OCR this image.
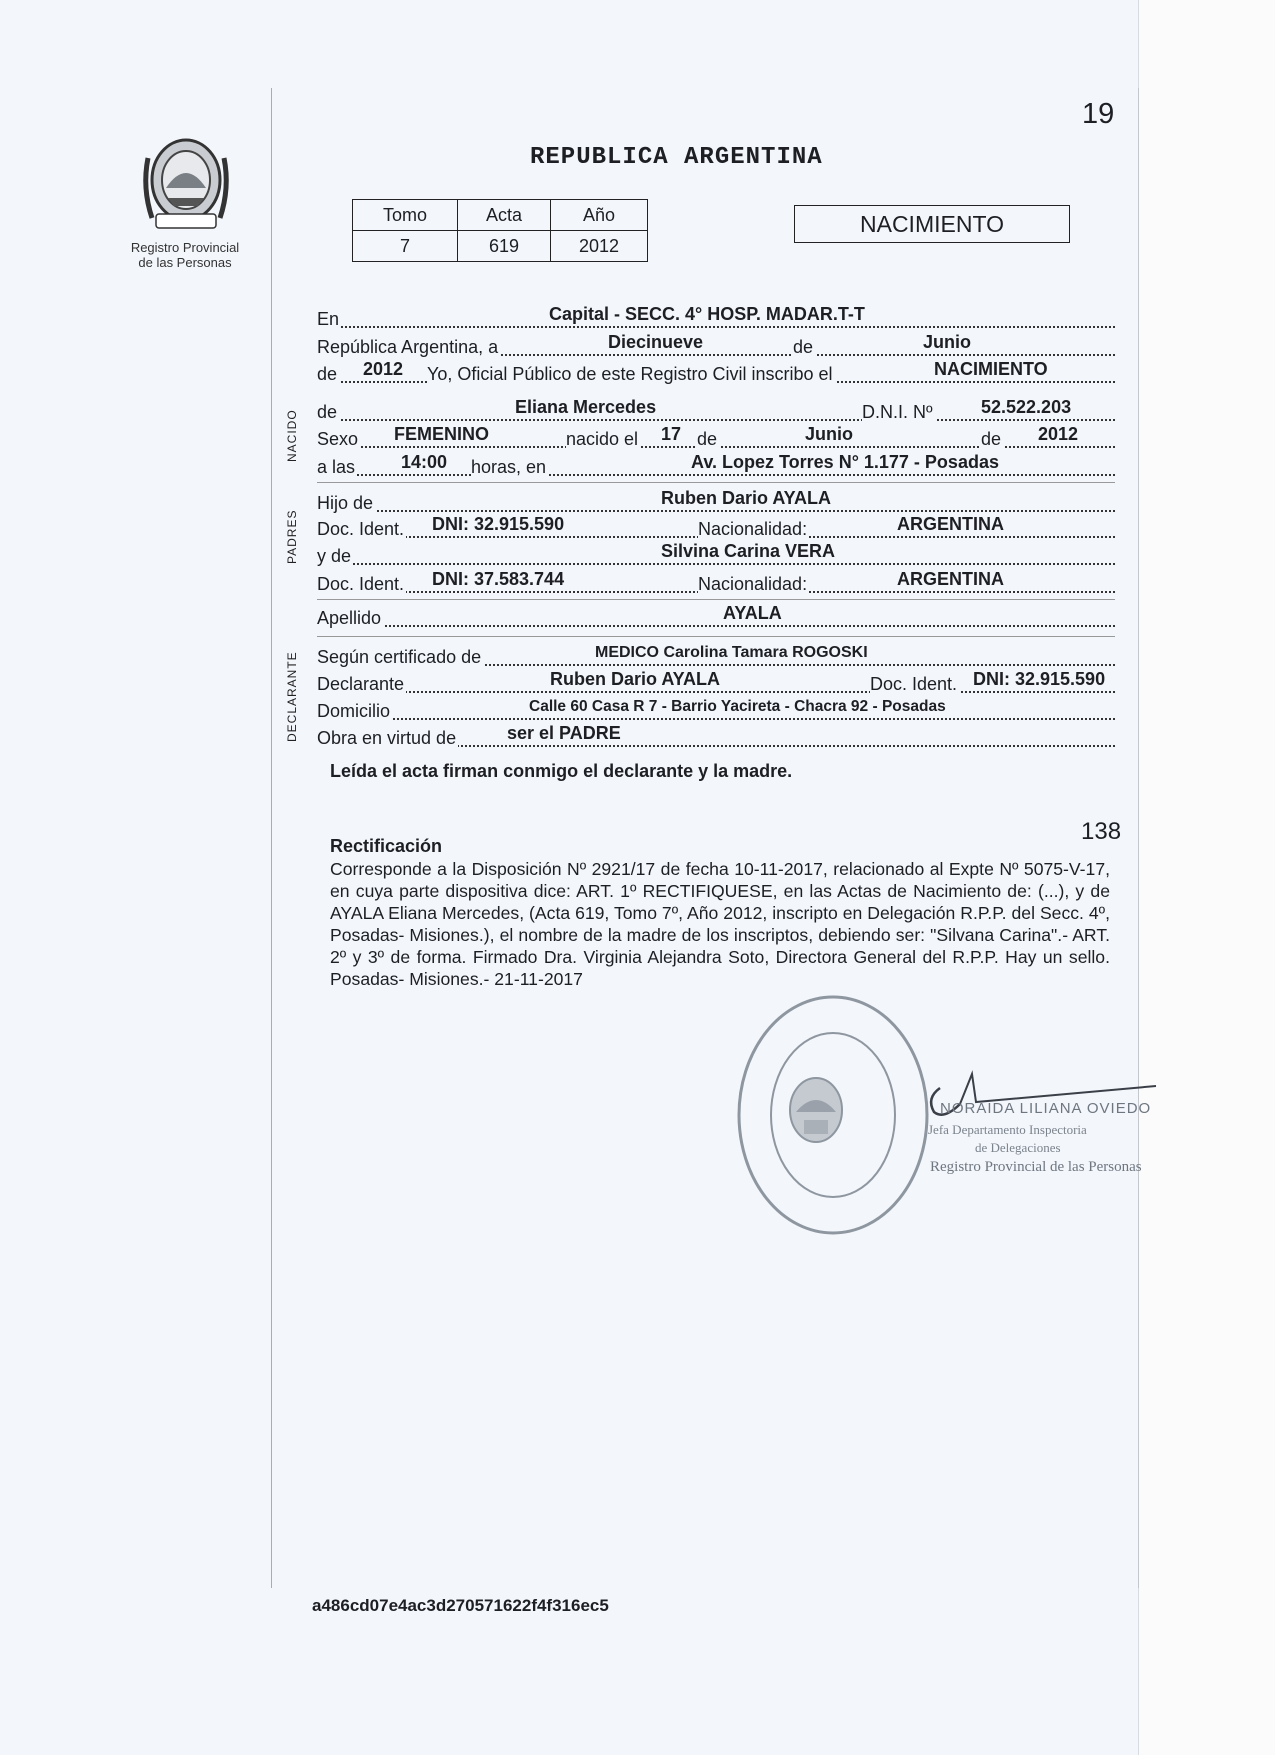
19
Registro Provincial
de las Personas
REPUBLICA ARGENTINA
Tomo	Acta	Año
7	619	2012
NACIMIENTO
En	Capital - SECC. 4° HOSP. MADAR.T-T
República Argentina, a	Diecinueve	de	Junio
de 2012 Yo, Oficial Público de este Registro Civil inscribo el	NACIMIENTO
NACIDO de	Eliana Mercedes	D.N.I. Nº	52.522.203
Sexo FEMENINO	nacido el 17 de	Junio	de 2012
a las	14:00 horas, en	Av. Lopez Torres N° 1.177 - Posadas
PADRES
Hijo de	Ruben Dario AYALA
Doc. Ident. DNI: 32.915.590	Nacionalidad:	ARGENTINA
y de	Silvina Carina VERA
Doc. Ident. DNI: 37.583.744	Nacionalidad:	ARGENTINA
Apellido	AYALA
DECLARANTE Según certificado de	MEDICO Carolina Tamara ROGOSKI
Declarante	Ruben Dario AYALA	Doc. Ident. DNI: 32.915.590
Domicilio	Calle 60 Casa R 7 - Barrio Yacireta - Chacra 92 - Posadas
Obra en virtud de	ser el PADRE
Leída el acta firman conmigo el declarante y la madre.
138
Rectificación
Corresponde a la Disposición Nº 2921/17 de fecha 10-11-2017, relacionado al Expte Nº 5075-V-17, en cuya parte dispositiva dice: ART. 1º RECTIFIQUESE, en las Actas de Nacimiento de: (...), y de AYALA Eliana Mercedes, (Acta 619, Tomo 7º, Año 2012, inscripto en Delegación R.P.P. del Secc. 4º, Posadas- Misiones.), el nombre de la madre de los inscriptos, debiendo ser: "Silvana Carina".- ART. 2º y 3º de forma. Firmado Dra. Virginia Alejandra Soto, Directora General del R.P.P. Hay un sello. Posadas- Misiones.- 21-11-2017
NORAIDA LILIANA OVIEDO
Jefa Departamento Inspectoria
de Delegaciones
Registro Provincial de las Personas
a486cd07e4ac3d270571622f4f316ec5
